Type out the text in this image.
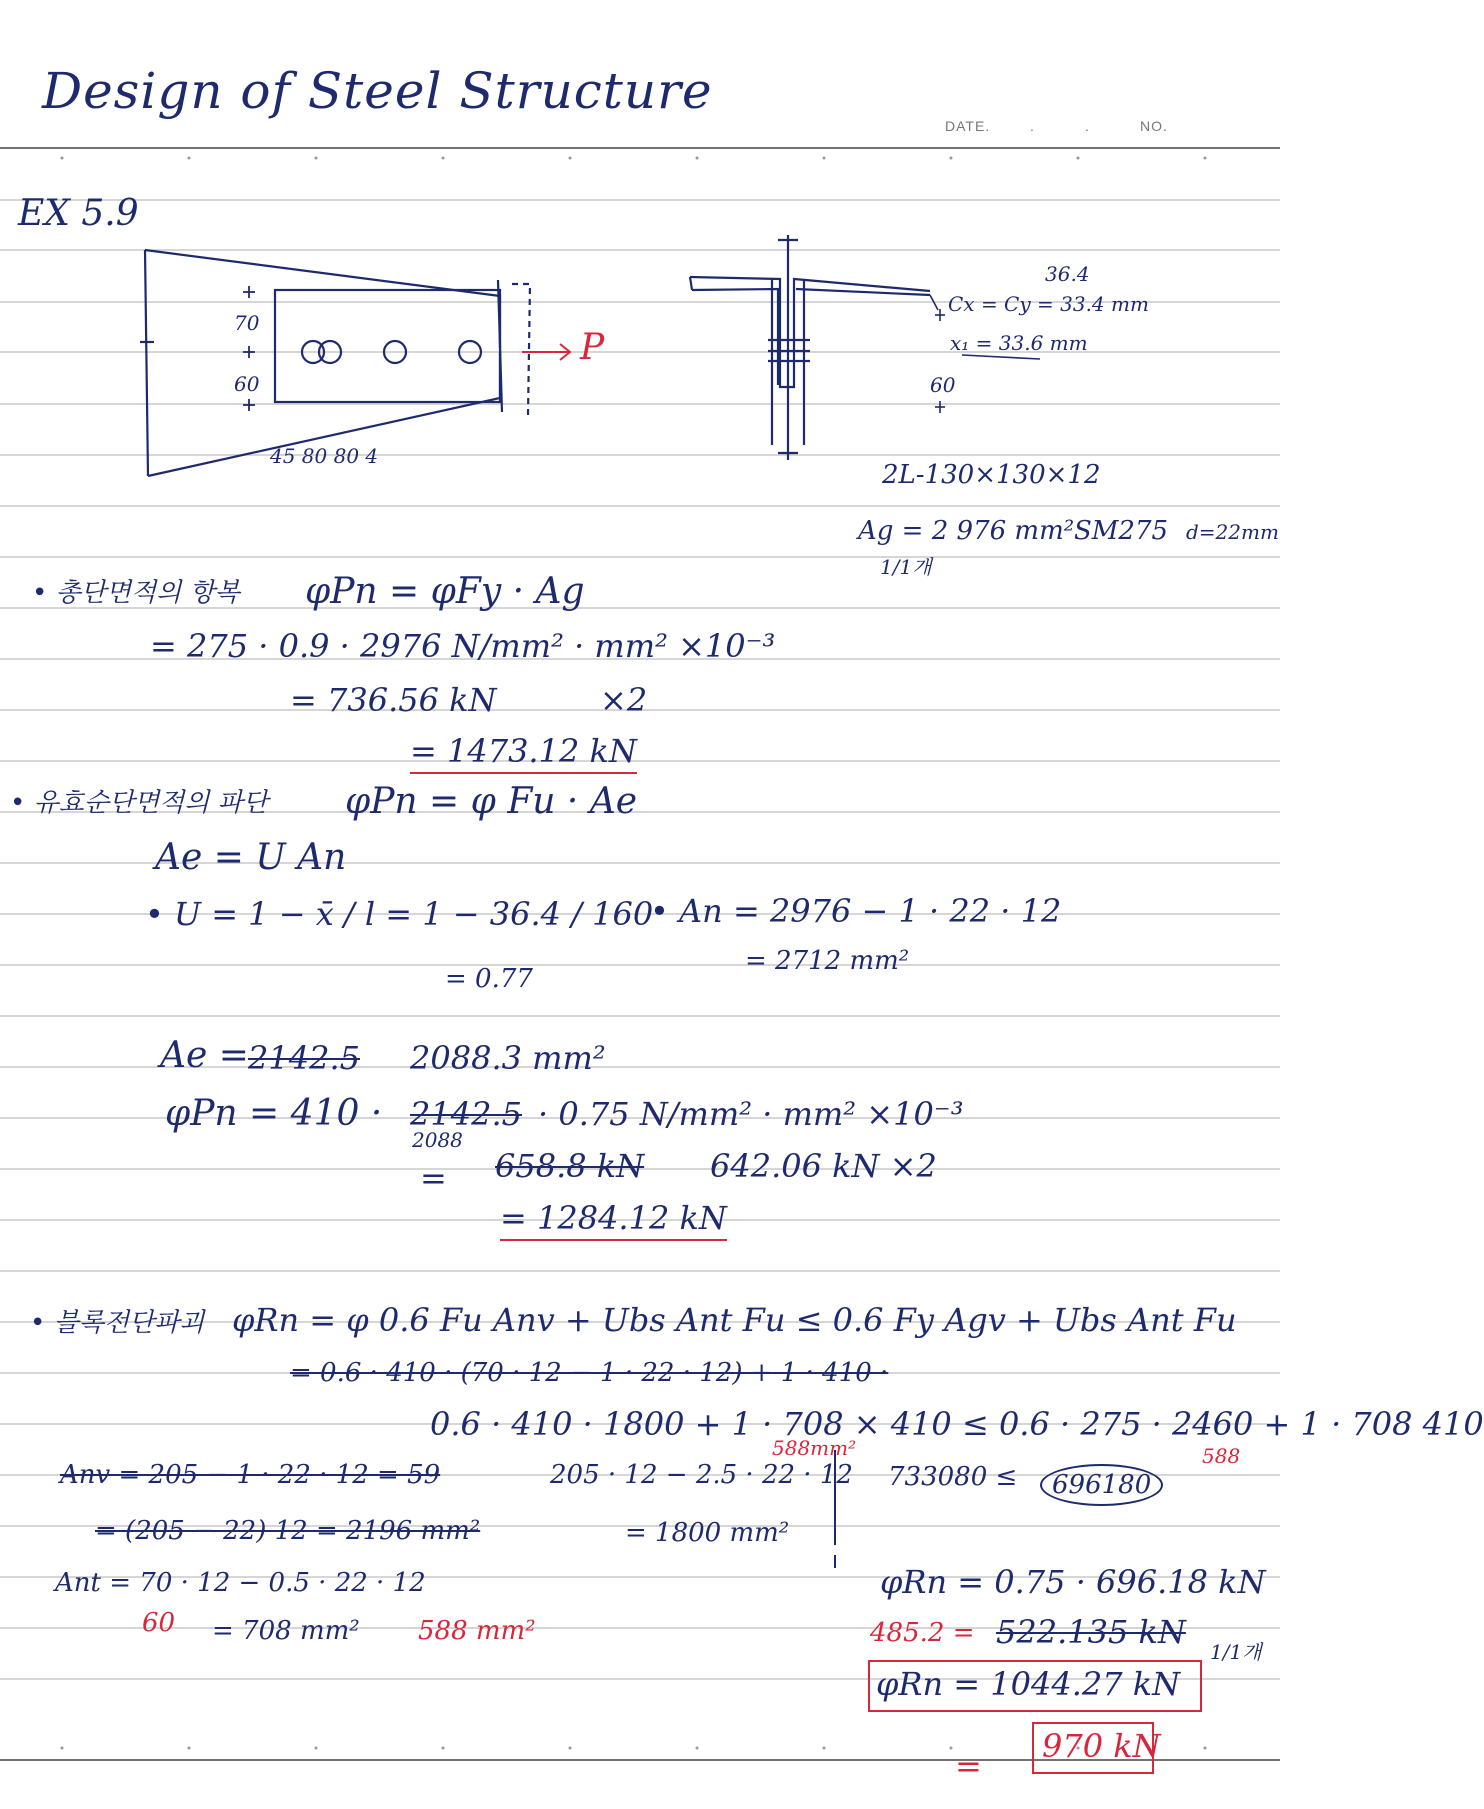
Design of Steel Structure
DATE.	.	.	NO.
EX 5.9
70
60
P
45 80 80 4
36.4
Cx = Cy = 33.4 mm
x₁ = 33.6 mm
60
2L-130×130×12
Ag = 2 976 mm²
1/1개
SM275 d=22mm
• 총단면적의 항복 φPn = φFy · Ag
= 275 · 0.9 · 2976 N/mm² · mm² ×10⁻³
= 736.56 kN	×2
= 1473.12 kN
• 유효순단면적의 파단 φPn = φ Fu · Ae
Ae = U An
• U = 1 − x̄ / l = 1 − 36.4 / 160
= 0.77
• An = 2976 − 1 · 22 · 12
= 2712 mm²
Ae = 2142.5 2088.3 mm²
φPn = 410 · 2142.5
2088
· 0.75 N/mm² · mm² ×10⁻³
= 658.8 kN 642.06 kN ×2
= 1284.12 kN
• 블록전단파괴 φRn = φ 0.6 Fu Anv + Ubs Ant Fu ≤ 0.6 Fy Agv + Ubs Ant Fu
= 0.6 · 410 · (70 · 12 − 1 · 22 · 12) + 1 · 410 ·
0.6 · 410 · 1800 + 1 · 708 × 410 ≤ 0.6 · 275 · 2460 + 1 · 708 410
588mm²	588
Anv = 205 − 1 · 22 · 12 = 59	205 · 12 − 2.5 · 22 · 12
= 1800 mm²
= (205 − 22) 12 = 2196 mm²
Ant = 70 · 12 − 0.5 · 22 · 12
60 = 708 mm² 588 mm²
733080 ≤	696180
φRn = 0.75 · 696.18 kN
485.2 = 522.135 kN
1/1개
φRn = 1044.27 kN
=
970 kN
